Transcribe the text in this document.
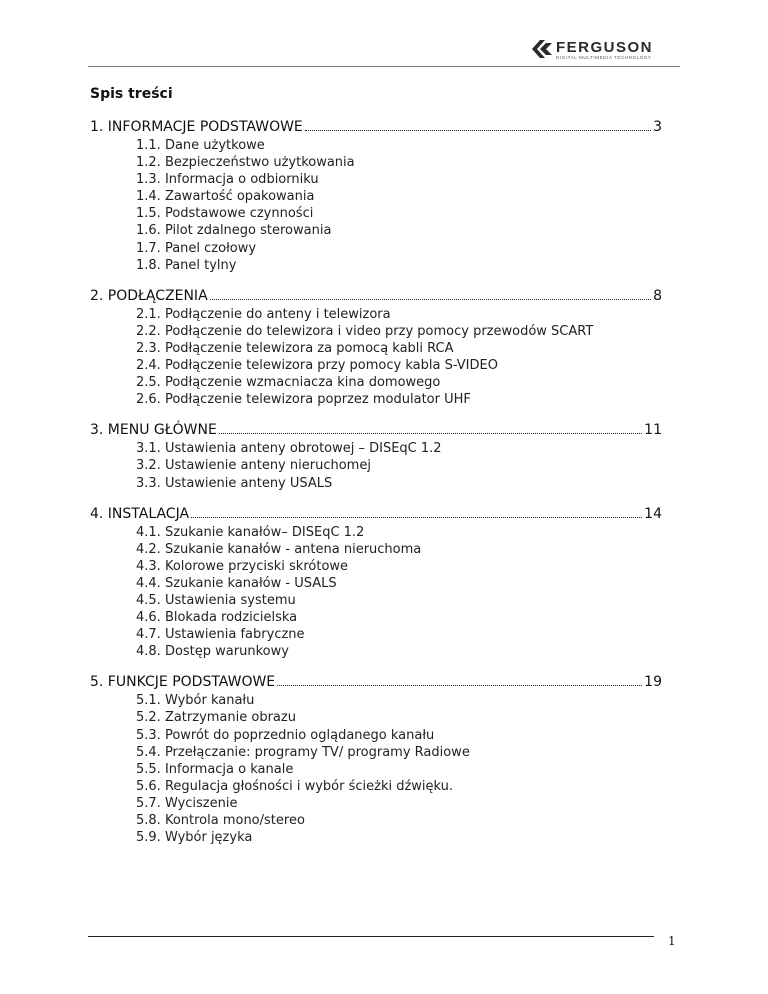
FERGUSON
DIGITAL MULTIMEDIA TECHNOLOGY
Spis treści
1. INFORMACJE PODSTAWOWE	3
1.1. Dane użytkowe
1.2. Bezpieczeństwo użytkowania
1.3. Informacja o odbiorniku
1.4. Zawartość opakowania
1.5. Podstawowe czynności
1.6. Pilot zdalnego sterowania
1.7. Panel czołowy
1.8. Panel tylny
2. PODŁĄCZENIA	8
2.1. Podłączenie do anteny i telewizora
2.2. Podłączenie do telewizora i video przy pomocy przewodów SCART
2.3. Podłączenie telewizora za pomocą kabli RCA
2.4. Podłączenie telewizora przy pomocy kabla S-VIDEO
2.5. Podłączenie wzmacniacza kina domowego
2.6. Podłączenie telewizora poprzez modulator UHF
3. MENU GŁÓWNE	11
3.1. Ustawienia anteny obrotowej – DISEqC 1.2
3.2. Ustawienie anteny nieruchomej
3.3. Ustawienie anteny USALS
4. INSTALACJA	14
4.1. Szukanie kanałów– DISEqC 1.2
4.2. Szukanie kanałów - antena nieruchoma
4.3. Kolorowe przyciski skrótowe
4.4. Szukanie kanałów - USALS
4.5. Ustawienia systemu
4.6. Blokada rodzicielska
4.7. Ustawienia fabryczne
4.8. Dostęp warunkowy
5. FUNKCJE PODSTAWOWE	19
5.1. Wybór kanału
5.2. Zatrzymanie obrazu
5.3. Powrót do poprzednio oglądanego kanału
5.4. Przełączanie: programy TV/ programy Radiowe
5.5. Informacja o kanale
5.6. Regulacja głośności i wybór ścieżki dźwięku.
5.7. Wyciszenie
5.8. Kontrola mono/stereo
5.9. Wybór języka
1
